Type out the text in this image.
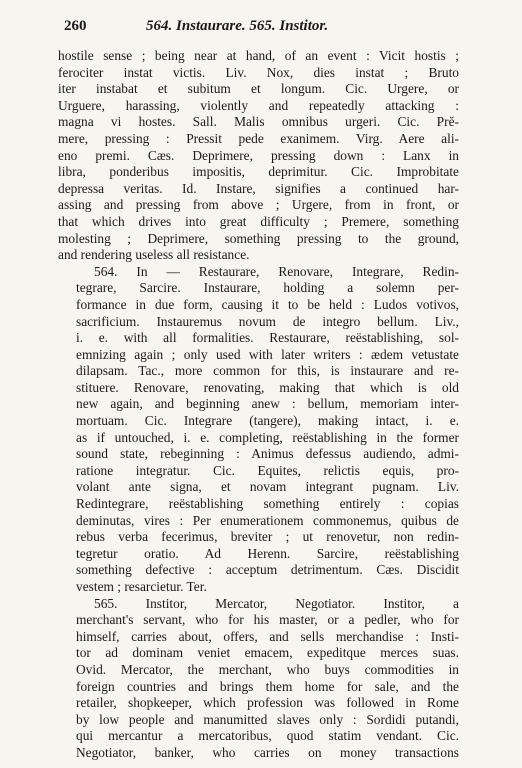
260	564. Instaurare. 565. Institor.

hostile sense ; being near at hand, of an event : Vicit hostis ;
ferociter instat victis. Liv. Nox, dies instat ; Bruto
iter instabat et subitum et longum. Cic. Urgere, or
Urguere, harassing, violently and repeatedly attacking :
magna vi hostes. Sall. Malis omnibus urgeri. Cic. Prĕ-
mere, pressing : Pressit pede exanimem. Virg. Aere ali-
eno premi. Cæs. Deprimere, pressing down : Lanx in
libra, ponderibus impositis, deprimitur. Cic. Improbitate
depressa veritas. Id. Instare, signifies a continued har-
assing and pressing from above ; Urgere, from in front, or
that which drives into great difficulty ; Premere, something
molesting ; Deprimere, something pressing to the ground,
and rendering useless all resistance.

564. In — Restaurare, Renovare, Integrare, Redin-
tegrare, Sarcire. Instaurare, holding a solemn per-
formance in due form, causing it to be held : Ludos votivos,
sacrificium. Instauremus novum de integro bellum. Liv.,
i. e. with all formalities. Restaurare, reëstablishing, sol-
emnizing again ; only used with later writers : ædem vetustate
dilapsam. Tac., more common for this, is instaurare and re-
stituere. Renovare, renovating, making that which is old
new again, and beginning anew : bellum, memoriam inter-
mortuam. Cic. Integrare (tangere), making intact, i. e.
as if untouched, i. e. completing, reëstablishing in the former
sound state, rebeginning : Animus defessus audiendo, admi-
ratione integratur. Cic. Equites, relictis equis, pro-
volant ante signa, et novam integrant pugnam. Liv.
Redintegrare, reëstablishing something entirely : copias
deminutas, vires : Per enumerationem commonemus, quibus de
rebus verba fecerimus, breviter ; ut renovetur, non redin-
tegretur oratio. Ad Herenn. Sarcire, reëstablishing
something defective : acceptum detrimentum. Cæs. Discidit
vestem ; resarcietur. Ter.

565. Institor, Mercator, Negotiator. Institor, a
merchant's servant, who for his master, or a pedler, who for
himself, carries about, offers, and sells merchandise : Insti-
tor ad dominam veniet emacem, expeditque merces suas.
Ovid. Mercator, the merchant, who buys commodities in
foreign countries and brings them home for sale, and the
retailer, shopkeeper, which profession was followed in Rome
by low people and manumitted slaves only : Sordidi putandi,
qui mercantur a mercatoribus, quod statim vendant. Cic.
Negotiator, banker, who carries on money transactions
